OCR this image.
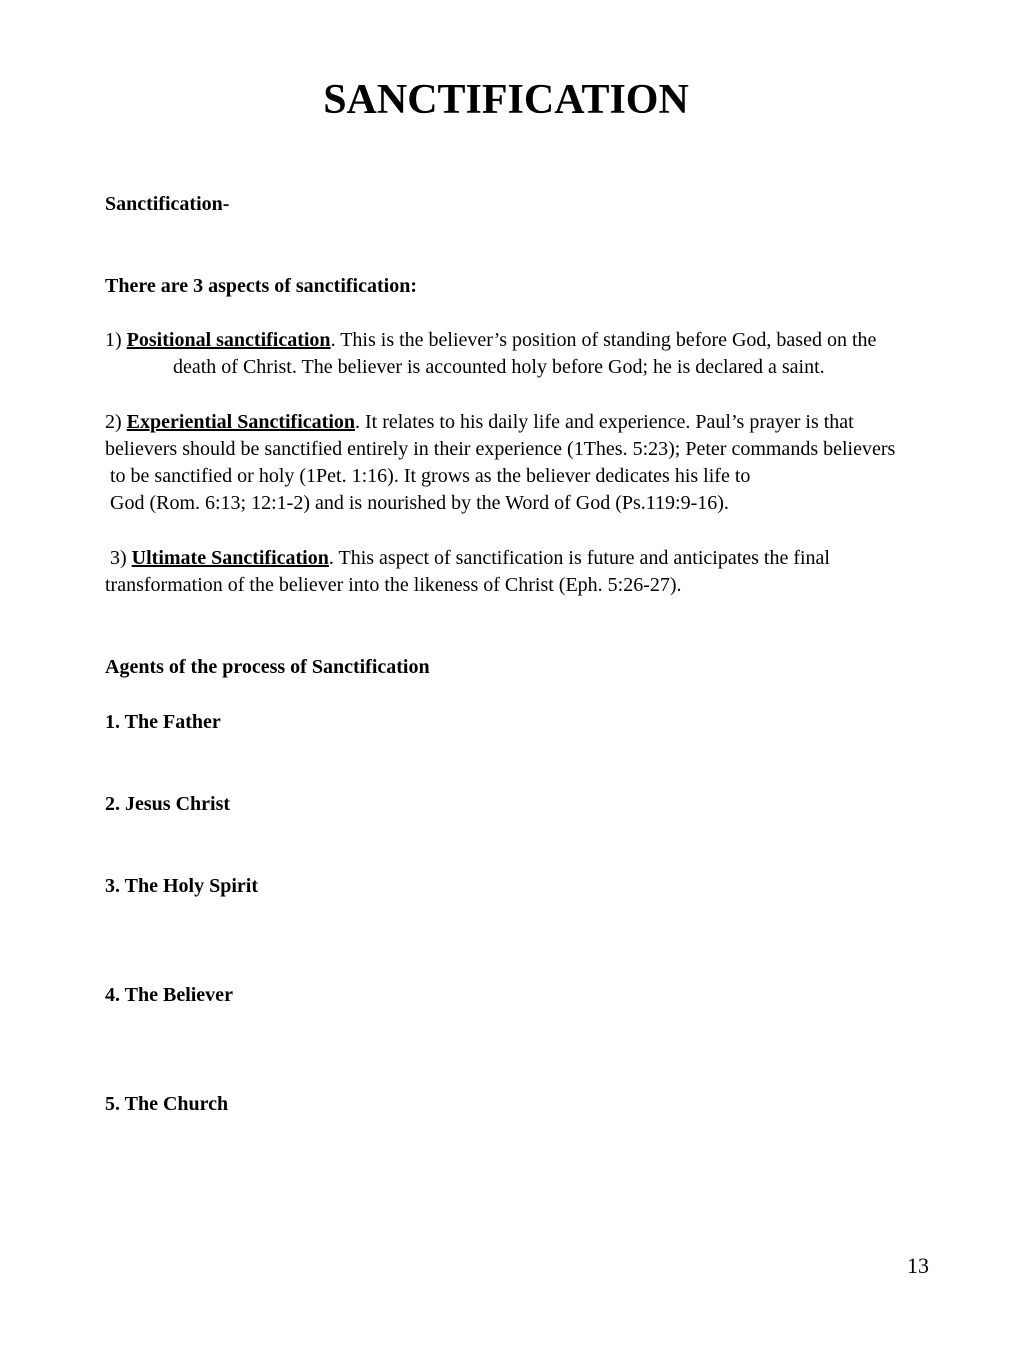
SANCTIFICATION

Sanctification-

There are 3 aspects of sanctification:

1) Positional sanctification. This is the believer’s position of standing before God, based on the

death of Christ. The believer is accounted holy before God; he is declared a saint.

2) Experiential Sanctification. It relates to his daily life and experience. Paul’s prayer is that

believers should be sanctified entirely in their experience (1Thes. 5:23); Peter commands believers

to be sanctified or holy (1Pet. 1:16). It grows as the believer dedicates his life to

God (Rom. 6:13; 12:1-2) and is nourished by the Word of God (Ps.119:9-16).

3) Ultimate Sanctification. This aspect of sanctification is future and anticipates the final

transformation of the believer into the likeness of Christ (Eph. 5:26-27).

Agents of the process of Sanctification

1. The Father

2. Jesus Christ

3. The Holy Spirit

4. The Believer

5. The Church

13
